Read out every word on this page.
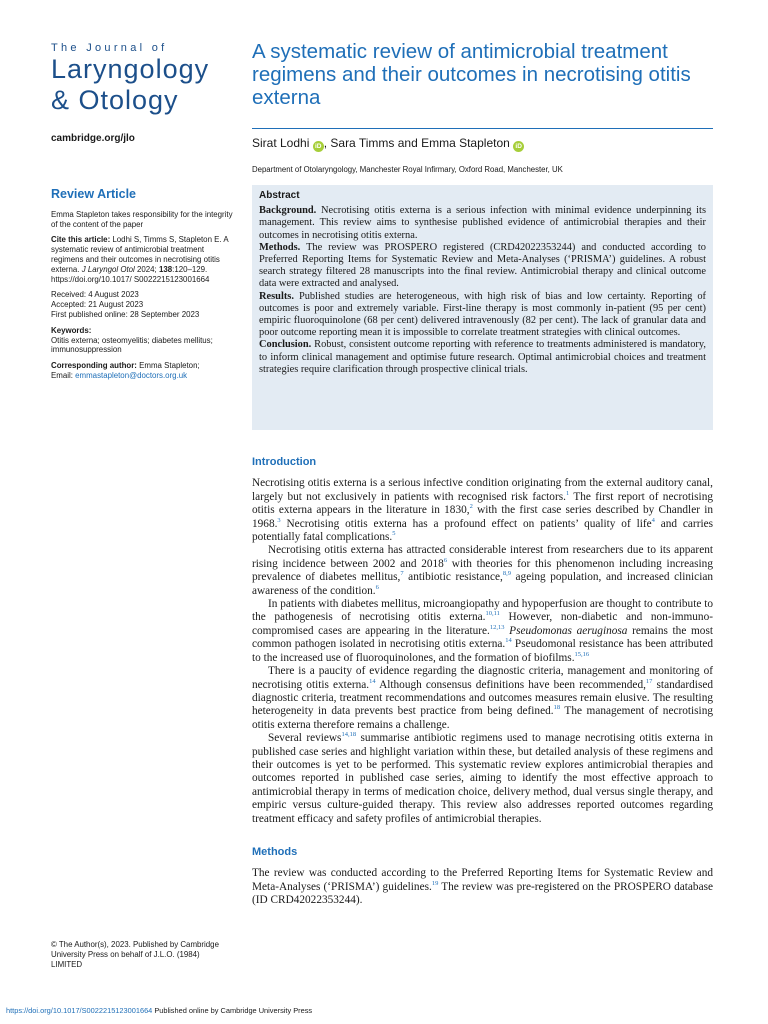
The Journal of
Laryngology
& Otology
cambridge.org/jlo
A systematic review of antimicrobial treatment regimens and their outcomes in necrotising otitis externa
Sirat Lodhi iD , Sara Timms and Emma Stapleton iD
Department of Otolaryngology, Manchester Royal Infirmary, Oxford Road, Manchester, UK
Abstract

Background. Necrotising otitis externa is a serious infection with minimal evidence underpinning its management. This review aims to synthesise published evidence of antimicrobial therapies and their outcomes in necrotising otitis externa.

Methods. The review was PROSPERO registered (CRD42022353244) and conducted according to Preferred Reporting Items for Systematic Review and Meta-Analyses (‘PRISMA’) guidelines. A robust search strategy filtered 28 manuscripts into the final review. Antimicrobial therapy and clinical outcome data were extracted and analysed.

Results. Published studies are heterogeneous, with high risk of bias and low certainty. Reporting of outcomes is poor and extremely variable. First-line therapy is most commonly in-patient (95 per cent) empiric fluoroquinolone (68 per cent) delivered intravenously (82 per cent). The lack of granular data and poor outcome reporting mean it is impossible to correlate treatment strategies with clinical outcomes.

Conclusion. Robust, consistent outcome reporting with reference to treatments administered is mandatory, to inform clinical management and optimise future research. Optimal antimicrobial choices and treatment strategies require clarification through prospective clinical trials.

Review Article

Emma Stapleton takes responsibility for the integrity of the content of the paper

Cite this article: Lodhi S, Timms S, Stapleton E. A systematic review of antimicrobial treatment regimens and their outcomes in necrotising otitis externa. J Laryngol Otol 2024; 138:120–129. https://doi.org/10.1017/ S0022215123001664

Received: 4 August 2023
Accepted: 21 August 2023
First published online: 28 September 2023

Keywords:
Otitis externa; osteomyelitis; diabetes mellitus; immunosuppression

Corresponding author: Emma Stapleton;
Email: emmastapleton@doctors.org.uk

© The Author(s), 2023. Published by Cambridge University Press on behalf of J.L.O. (1984) LIMITED
Introduction

Necrotising otitis externa is a serious infective condition originating from the external auditory canal, largely but not exclusively in patients with recognised risk factors.$^1$ The first report of necrotising otitis externa appears in the literature in 1830,$^2$ with the first case series described by Chandler in 1968.$^3$ Necrotising otitis externa has a profound effect on patients’ quality of life$^4$ and carries potentially fatal complications.$^5$

Necrotising otitis externa has attracted considerable interest from researchers due to its apparent rising incidence between 2002 and 2018$^6$ with theories for this phenomenon including increasing prevalence of diabetes mellitus,$^7$ antibiotic resistance,$^{8,9}$ ageing population, and increased clinician awareness of the condition.$^6$

In patients with diabetes mellitus, microangiopathy and hypoperfusion are thought to contribute to the pathogenesis of necrotising otitis externa.$^{10,11}$ However, non-diabetic and non-immuno-compromised cases are appearing in the literature.$^{12,13}$ Pseudomonas aeruginosa remains the most common pathogen isolated in necrotising otitis externa.$^{14}$ Pseudomonal resistance has been attributed to the increased use of fluoroquinolones, and the formation of biofilms.$^{15,16}$

There is a paucity of evidence regarding the diagnostic criteria, management and monitoring of necrotising otitis externa.$^{14}$ Although consensus definitions have been recommended,$^{17}$ standardised diagnostic criteria, treatment recommendations and outcomes measures remain elusive. The resulting heterogeneity in data prevents best practice from being defined.$^{18}$ The management of necrotising otitis externa therefore remains a challenge.

Several reviews$^{14,18}$ summarise antibiotic regimens used to manage necrotising otitis externa in published case series and highlight variation within these, but detailed analysis of these regimens and their outcomes is yet to be performed. This systematic review explores antimicrobial therapies and outcomes reported in published case series, aiming to identify the most effective approach to antimicrobial therapy in terms of medication choice, delivery method, dual versus single therapy, and empiric versus culture-guided therapy. This review also addresses reported outcomes regarding treatment efficacy and safety profiles of antimicrobial therapies.

Methods

The review was conducted according to the Preferred Reporting Items for Systematic Review and Meta-Analyses (‘PRISMA’) guidelines.$^{19}$ The review was pre-registered on the PROSPERO database (ID CRD42022353244).

https://doi.org/10.1017/S0022215123001664 Published online by Cambridge University Press
